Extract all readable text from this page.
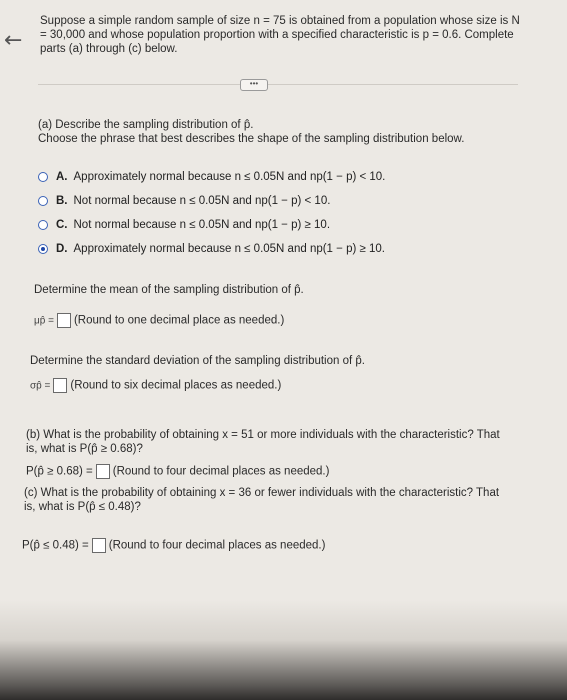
←
Suppose a simple random sample of size n = 75 is obtained from a population whose size is N = 30,000 and whose population proportion with a specified characteristic is p = 0.6. Complete parts (a) through (c) below.
•••
(a) Describe the sampling distribution of p̂.
Choose the phrase that best describes the shape of the sampling distribution below.
A. Approximately normal because n ≤ 0.05N and np(1 − p) < 10.
B. Not normal because n ≤ 0.05N and np(1 − p) < 10.
C. Not normal because n ≤ 0.05N and np(1 − p) ≥ 10.
D. Approximately normal because n ≤ 0.05N and np(1 − p) ≥ 10.
Determine the mean of the sampling distribution of p̂.
μp̂ = (Round to one decimal place as needed.)
Determine the standard deviation of the sampling distribution of p̂.
σp̂ = (Round to six decimal places as needed.)
(b) What is the probability of obtaining x = 51 or more individuals with the characteristic? That is, what is P(p̂ ≥ 0.68)?
P(p̂ ≥ 0.68) = (Round to four decimal places as needed.)
(c) What is the probability of obtaining x = 36 or fewer individuals with the characteristic? That is, what is P(p̂ ≤ 0.48)?
P(p̂ ≤ 0.48) = (Round to four decimal places as needed.)
